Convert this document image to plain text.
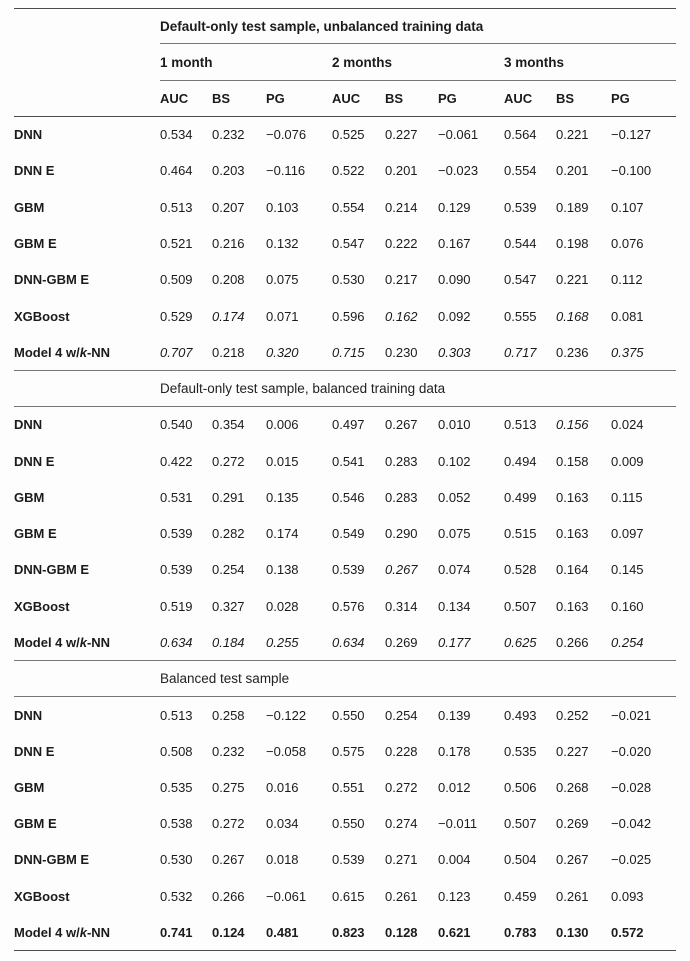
	Default-only test sample, unbalanced training data								
	1 month			2 months			3 months		
	AUC	BS	PG	AUC	BS	PG	AUC	BS	PG
DNN	0.534	0.232	−0.076	0.525	0.227	−0.061	0.564	0.221	−0.127
DNN E	0.464	0.203	−0.116	0.522	0.201	−0.023	0.554	0.201	−0.100
GBM	0.513	0.207	0.103	0.554	0.214	0.129	0.539	0.189	0.107
GBM E	0.521	0.216	0.132	0.547	0.222	0.167	0.544	0.198	0.076
DNN-GBM E	0.509	0.208	0.075	0.530	0.217	0.090	0.547	0.221	0.112
XGBoost	0.529	0.174	0.071	0.596	0.162	0.092	0.555	0.168	0.081
Model 4 w/k-NN	0.707	0.218	0.320	0.715	0.230	0.303	0.717	0.236	0.375
	Default-only test sample, balanced training data								
DNN	0.540	0.354	0.006	0.497	0.267	0.010	0.513	0.156	0.024
DNN E	0.422	0.272	0.015	0.541	0.283	0.102	0.494	0.158	0.009
GBM	0.531	0.291	0.135	0.546	0.283	0.052	0.499	0.163	0.115
GBM E	0.539	0.282	0.174	0.549	0.290	0.075	0.515	0.163	0.097
DNN-GBM E	0.539	0.254	0.138	0.539	0.267	0.074	0.528	0.164	0.145
XGBoost	0.519	0.327	0.028	0.576	0.314	0.134	0.507	0.163	0.160
Model 4 w/k-NN	0.634	0.184	0.255	0.634	0.269	0.177	0.625	0.266	0.254
	Balanced test sample								
DNN	0.513	0.258	−0.122	0.550	0.254	0.139	0.493	0.252	−0.021
DNN E	0.508	0.232	−0.058	0.575	0.228	0.178	0.535	0.227	−0.020
GBM	0.535	0.275	0.016	0.551	0.272	0.012	0.506	0.268	−0.028
GBM E	0.538	0.272	0.034	0.550	0.274	−0.011	0.507	0.269	−0.042
DNN-GBM E	0.530	0.267	0.018	0.539	0.271	0.004	0.504	0.267	−0.025
XGBoost	0.532	0.266	−0.061	0.615	0.261	0.123	0.459	0.261	0.093
Model 4 w/k-NN	0.741	0.124	0.481	0.823	0.128	0.621	0.783	0.130	0.572
